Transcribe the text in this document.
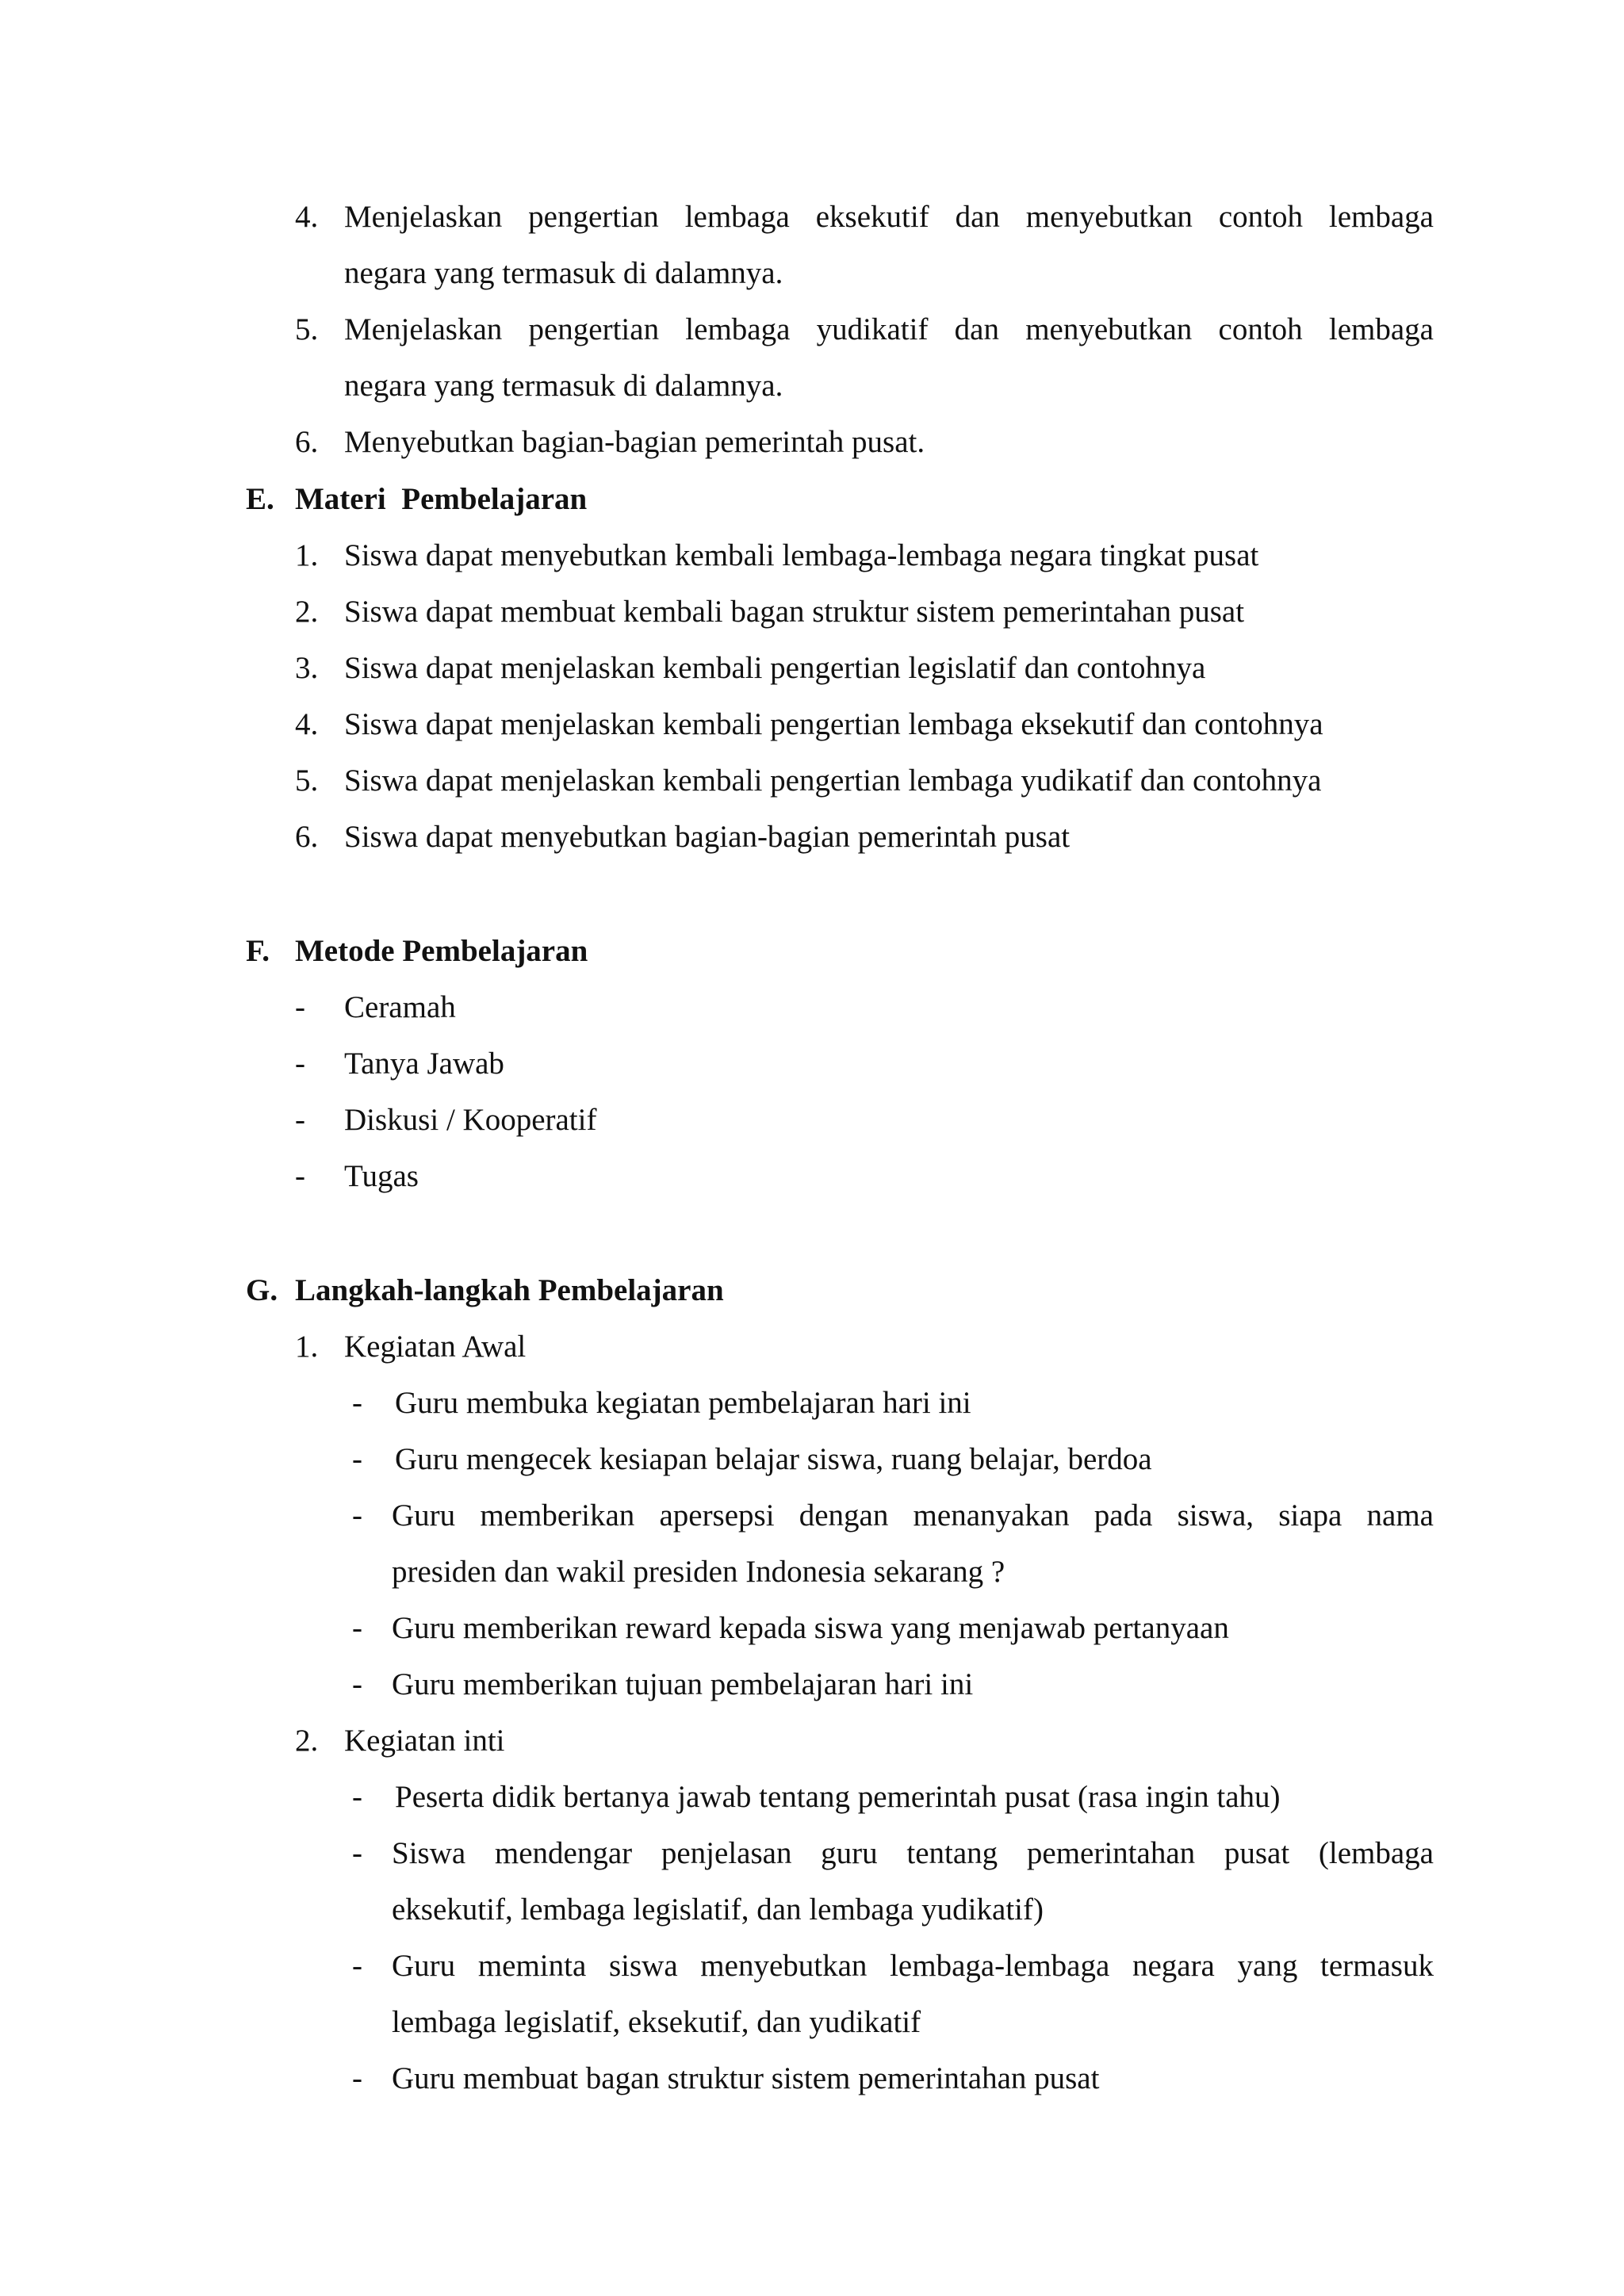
4. Menjelaskan pengertian lembaga eksekutif dan menyebutkan contoh lembaga
negara yang termasuk di dalamnya.
5. Menjelaskan pengertian lembaga yudikatif dan menyebutkan contoh lembaga
negara yang termasuk di dalamnya.
6. Menyebutkan bagian-bagian pemerintah pusat.
E. Materi  Pembelajaran
1. Siswa dapat menyebutkan kembali lembaga-lembaga negara tingkat pusat
2. Siswa dapat membuat kembali bagan struktur sistem pemerintahan pusat
3. Siswa dapat menjelaskan kembali pengertian legislatif dan contohnya
4. Siswa dapat menjelaskan kembali pengertian lembaga eksekutif dan contohnya
5. Siswa dapat menjelaskan kembali pengertian lembaga yudikatif dan contohnya
6. Siswa dapat menyebutkan bagian-bagian pemerintah pusat
F. Metode Pembelajaran
- Ceramah
- Tanya Jawab
- Diskusi / Kooperatif
- Tugas
G. Langkah-langkah Pembelajaran
1. Kegiatan Awal
- Guru membuka kegiatan pembelajaran hari ini
- Guru mengecek kesiapan belajar siswa, ruang belajar, berdoa
- Guru memberikan apersepsi dengan menanyakan pada siswa, siapa nama
presiden dan wakil presiden Indonesia sekarang ?
- Guru memberikan reward kepada siswa yang menjawab pertanyaan
- Guru memberikan tujuan pembelajaran hari ini
2. Kegiatan inti
- Peserta didik bertanya jawab tentang pemerintah pusat (rasa ingin tahu)
- Siswa mendengar penjelasan guru tentang pemerintahan pusat (lembaga
eksekutif, lembaga legislatif, dan lembaga yudikatif)
- Guru meminta siswa menyebutkan lembaga-lembaga negara yang termasuk
lembaga legislatif, eksekutif, dan yudikatif
- Guru membuat bagan struktur sistem pemerintahan pusat
